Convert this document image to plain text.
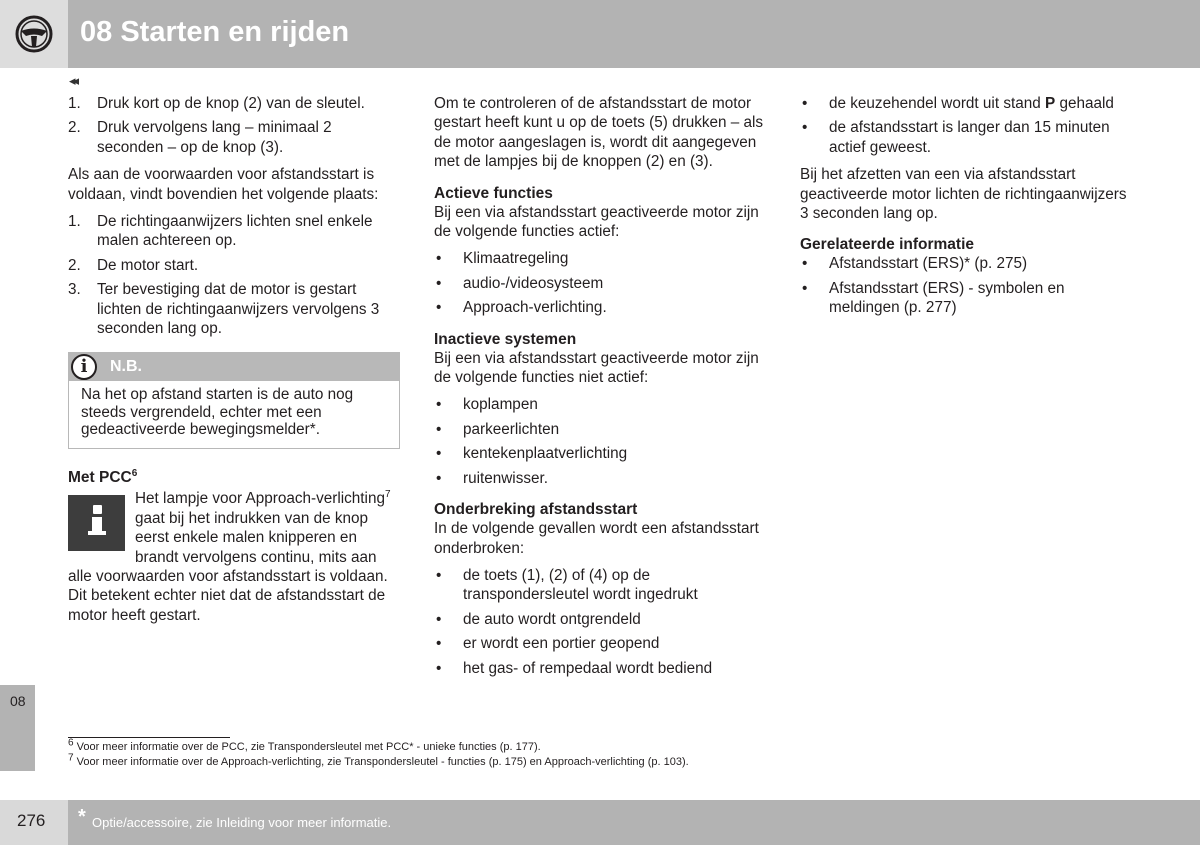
08 Starten en rijden
◂◂
1.	Druk kort op de knop (2) van de sleutel.
2.	Druk vervolgens lang – minimaal 2 seconden – op de knop (3).

Als aan de voorwaarden voor afstandsstart is voldaan, vindt bovendien het volgende plaats:

1.	De richtingaanwijzers lichten snel enkele malen achtereen op.
2.	De motor start.
3.	Ter bevestiging dat de motor is gestart lichten de richtingaanwijzers vervolgens 3 seconden lang op.
i	N.B.
Na het op afstand starten is de auto nog steeds vergrendeld, echter met een gedeactiveerde bewegingsmelder*.
Met PCC$^6$
Het lampje voor Approach-verlichting$^7$ gaat bij het indrukken van de knop eerst enkele malen knipperen en brandt vervolgens continu, mits aan alle voorwaarden voor afstandsstart is voldaan. Dit betekent echter niet dat de afstandsstart de motor heeft gestart.

Om te controleren of de afstandsstart de motor gestart heeft kunt u op de toets (5) drukken – als de motor aangeslagen is, wordt dit aangegeven met de lampjes bij de knoppen (2) en (3).

Actieve functies

Bij een via afstandsstart geactiveerde motor zijn de volgende functies actief:

•	Klimaatregeling
•	audio-/videosysteem
•	Approach-verlichting.
Inactieve systemen

Bij een via afstandsstart geactiveerde motor zijn de volgende functies niet actief:

•	koplampen
•	parkeerlichten
•	kentekenplaatverlichting
•	ruitenwisser.
Onderbreking afstandsstart

In de volgende gevallen wordt een afstandsstart onderbroken:

•	de toets (1), (2) of (4) op de transpondersleutel wordt ingedrukt
•	de auto wordt ontgrendeld
•	er wordt een portier geopend
•	het gas- of rempedaal wordt bediend
•	de keuzehendel wordt uit stand P gehaald
•	de afstandsstart is langer dan 15 minuten actief geweest.

Bij het afzetten van een via afstandsstart geactiveerde motor lichten de richtingaanwijzers 3 seconden lang op.

Gerelateerde informatie
•	Afstandsstart (ERS)* (p. 275)
•	Afstandsstart (ERS) - symbolen en meldingen (p. 277)
$^6$ Voor meer informatie over de PCC, zie Transpondersleutel met PCC* - unieke functies (p. 177).
$^7$ Voor meer informatie over de Approach-verlichting, zie Transpondersleutel - functies (p. 175) en Approach-verlichting (p. 103).
08
276 * Optie/accessoire, zie Inleiding voor meer informatie.
